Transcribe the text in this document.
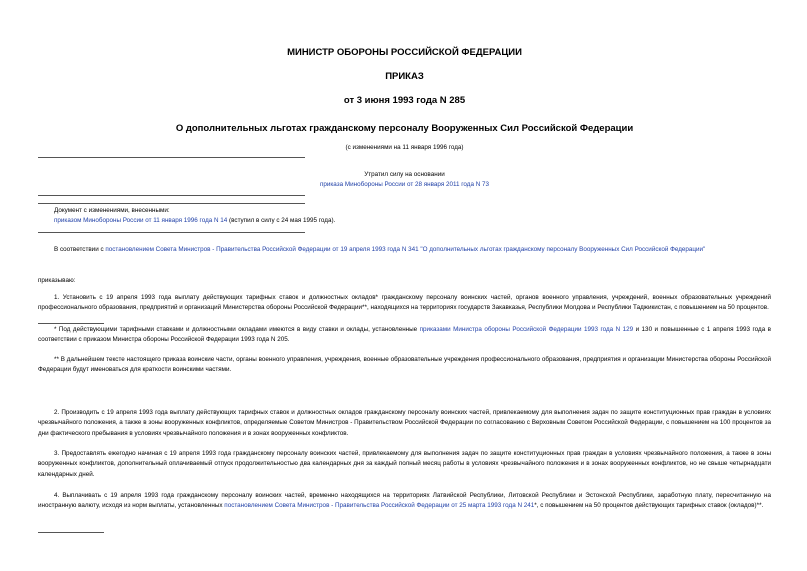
МИНИСТР ОБОРОНЫ РОССИЙСКОЙ ФЕДЕРАЦИИ
ПРИКАЗ
от 3 июня 1993 года N 285
О дополнительных льготах гражданскому персоналу Вооруженных Сил Российской Федерации
(с изменениями на 11 января 1996 года)
Утратил силу на основании
приказа Минобороны России от 28 января 2011 года N 73

Документ с изменениями, внесенными:

приказом Минобороны России от 11 января 1996 года N 14 (вступил в силу с 24 мая 1995 года).

В соответствии с постановлением Совета Министров - Правительства Российской Федерации от 19 апреля 1993 года N 341 "О дополнительных льготах гражданскому персоналу Вооруженных Сил Российской Федерации"

приказываю:

1. Установить с 19 апреля 1993 года выплату действующих тарифных ставок и должностных окладов* гражданскому персоналу воинских частей, органов военного управления, учреждений, военных образовательных учреждений профессионального образования, предприятий и организаций Министерства обороны Российской Федерации**, находящихся на территориях государств Закавказья, Республики Молдова и Республики Таджикистан, с повышением на 50 процентов.

* Под действующими тарифными ставками и должностными окладами имеются в виду ставки и оклады, установленные приказами Министра обороны Российской Федерации 1993 года N 129 и 130 и повышенные с 1 апреля 1993 года в соответствии с приказом Министра обороны Российской Федерации 1993 года N 205.

** В дальнейшем тексте настоящего приказа воинские части, органы военного управления, учреждения, военные образовательные учреждения профессионального образования, предприятия и организации Министерства обороны Российской Федерации будут именоваться для краткости воинскими частями.

2. Производить с 19 апреля 1993 года выплату действующих тарифных ставок и должностных окладов гражданскому персоналу воинских частей, привлекаемому для выполнения задач по защите конституционных прав граждан в условиях чрезвычайного положения, а также в зоны вооруженных конфликтов, определяемые Советом Министров - Правительством Российской Федерации по согласованию с Верховным Советом Российской Федерации, с повышением на 100 процентов за дни фактического пребывания в условиях чрезвычайного положения и в зонах вооруженных конфликтов.

3. Предоставлять ежегодно начиная с 19 апреля 1993 года гражданскому персоналу воинских частей, привлекаемому для выполнения задач по защите конституционных прав граждан в условиях чрезвычайного положения, а также в зоны вооруженных конфликтов, дополнительный оплачиваемый отпуск продолжительностью два календарных дня за каждый полный месяц работы в условиях чрезвычайного положения и в зонах вооруженных конфликтов, но не свыше четырнадцати календарных дней.

4. Выплачивать с 19 апреля 1993 года гражданскому персоналу воинских частей, временно находящихся на территориях Латвийской Республики, Литовской Республики и Эстонской Республики, заработную плату, пересчитанную на иностранную валюту, исходя из норм выплаты, установленных постановлением Совета Министров - Правительства Российской Федерации от 25 марта 1993 года N 241*, с повышением на 50 процентов действующих тарифных ставок (окладов)**.
